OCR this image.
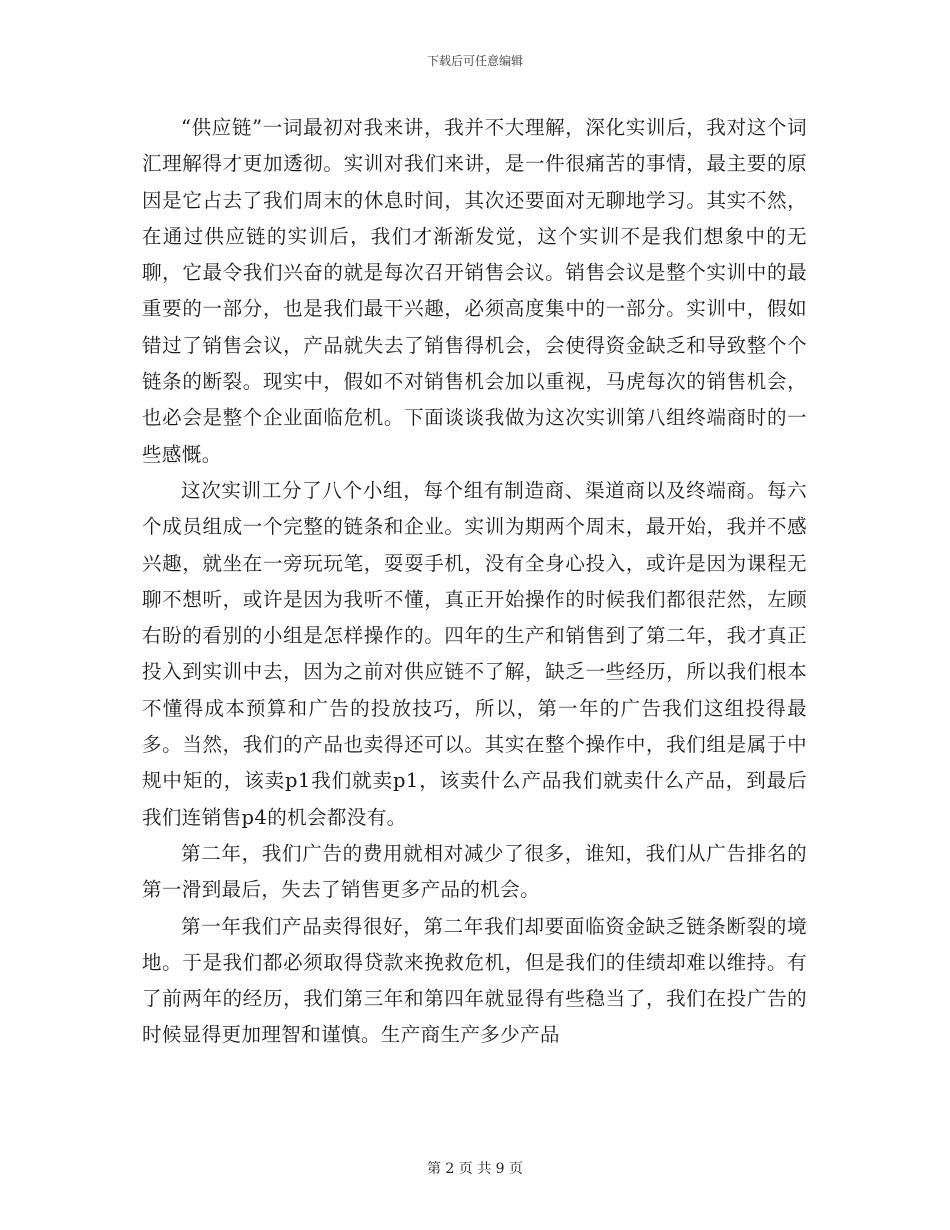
下载后可任意编辑

“供应链”一词最初对我来讲，我并不大理解，深化实训后，我对这个词汇理解得才更加透彻。实训对我们来讲，是一件很痛苦的事情，最主要的原因是它占去了我们周末的休息时间，其次还要面对无聊地学习。其实不然，在通过供应链的实训后，我们才渐渐发觉，这个实训不是我们想象中的无聊，它最令我们兴奋的就是每次召开销售会议。销售会议是整个实训中的最重要的一部分，也是我们最干兴趣，必须高度集中的一部分。实训中，假如错过了销售会议，产品就失去了销售得机会，会使得资金缺乏和导致整个个链条的断裂。现实中，假如不对销售机会加以重视，马虎每次的销售机会，也必会是整个企业面临危机。下面谈谈我做为这次实训第八组终端商时的一些感慨。

这次实训工分了八个小组，每个组有制造商、渠道商以及终端商。每六个成员组成一个完整的链条和企业。实训为期两个周末，最开始，我并不感兴趣，就坐在一旁玩玩笔，耍耍手机，没有全身心投入，或许是因为课程无聊不想听，或许是因为我听不懂，真正开始操作的时候我们都很茫然，左顾右盼的看别的小组是怎样操作的。四年的生产和销售到了第二年，我才真正投入到实训中去，因为之前对供应链不了解，缺乏一些经历，所以我们根本不懂得成本预算和广告的投放技巧，所以，第一年的广告我们这组投得最多。当然，我们的产品也卖得还可以。其实在整个操作中，我们组是属于中规中矩的，该卖p1我们就卖p1，该卖什么产品我们就卖什么产品，到最后我们连销售p4的机会都没有。

第二年，我们广告的费用就相对减少了很多，谁知，我们从广告排名的第一滑到最后，失去了销售更多产品的机会。

第一年我们产品卖得很好，第二年我们却要面临资金缺乏链条断裂的境地。于是我们都必须取得贷款来挽救危机，但是我们的佳绩却难以维持。有了前两年的经历，我们第三年和第四年就显得有些稳当了，我们在投广告的时候显得更加理智和谨慎。生产商生产多少产品

第 2 页 共 9 页
